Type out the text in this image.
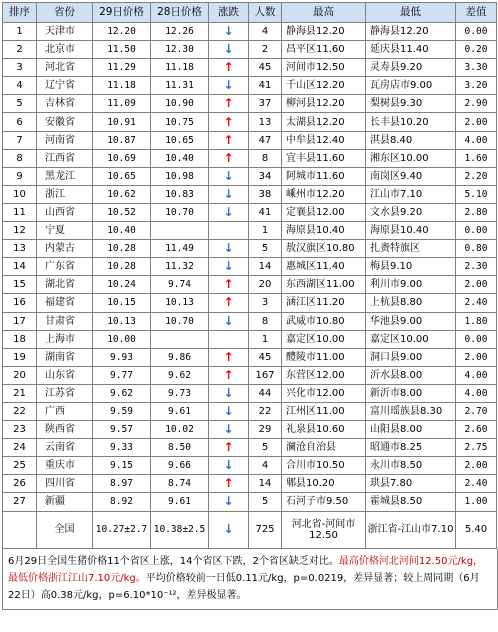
排序	省份	29日价格	28日价格	涨跌	人数	最高	最低	差值
1	天津市	12.20	12.26	↓	4	静海县12.20	静海县12.20	0.00
2	北京市	11.50	12.30	↓	2	昌平区11.60	延庆县11.40	0.20
3	河北省	11.29	11.18	↑	45	河间市12.50	灵寿县9.20	3.30
4	辽宁省	11.18	11.31	↓	41	千山区12.20	瓦房店市9.00	3.20
5	吉林省	11.09	10.90	↑	37	柳河县12.20	梨树县9.30	2.90
6	安徽省	10.91	10.75	↑	13	太湖县12.20	长丰县10.20	2.00
7	河南省	10.87	10.65	↑	47	中牟县12.40	淇县8.40	4.00
8	江西省	10.69	10.40	↑	8	宜丰县11.60	湘东区10.00	1.60
9	黑龙江	10.65	10.98	↓	34	阿城市11.60	南岗区9.40	2.20
10	浙江	10.62	10.83	↓	38	嵊州市12.20	江山市7.10	5.10
11	山西省	10.52	10.70	↓	41	定襄县12.00	文水县9.20	2.80
12	宁夏	10.40			1	海原县10.40	海原县10.40	0.00
13	内蒙古	10.28	11.49	↓	5	敖汉旗区10.80	扎赉特旗区	0.80
14	广东省	10.28	11.32	↓	14	惠城区11.40	梅县9.10	2.30
15	湖北省	10.24	9.74	↑	20	东西湖区11.00	利川市9.00	2.00
16	福建省	10.15	10.13	↑	3	涵江区11.20	上杭县8.80	2.40
17	甘肃省	10.13	10.70	↓	8	武威市10.80	华池县9.00	1.80
18	上海市	10.00			1	嘉定区10.00	嘉定区10.00	0.00
19	湖南省	9.93	9.86	↑	45	醴陵市11.00	洞口县9.00	2.00
20	山东省	9.77	9.62	↑	167	东营区12.00	沂水县8.00	4.00
21	江苏省	9.62	9.73	↓	44	兴化市12.00	新沂市8.00	4.00
22	广西	9.59	9.61	↓	22	江州区11.00	富川瑶族县8.30	2.70
23	陕西省	9.57	10.02	↓	29	礼泉县10.60	山阳县8.00	2.60
24	云南省	9.33	8.50	↑	5	澜沧自治县	昭通市8.25	2.75
25	重庆市	9.15	9.66	↓	4	合川市10.50	永川市8.50	2.00
26	四川省	8.97	8.74	↑	14	郫县10.20	珙县7.80	2.40
27	新疆	8.92	9.61	↓	5	石河子市9.50	霍城县8.50	1.00
	全国	10.27±2.7	10.38±2.5	↓	725	河北省-河间市12.50	浙江省-江山市7.10	5.40
6月29日全国生猪价格11个省区上涨，14个省区下跌，2个省区缺乏对比。最高价格河北河间12.50元/kg，最低价格浙江江山7.10元/kg。平均价格较前一日低0.11元/kg，p=0.0219，差异显著；较上周同期（6月22日）高0.38元/kg，p=6.10*10⁻¹²，差异极显著。
